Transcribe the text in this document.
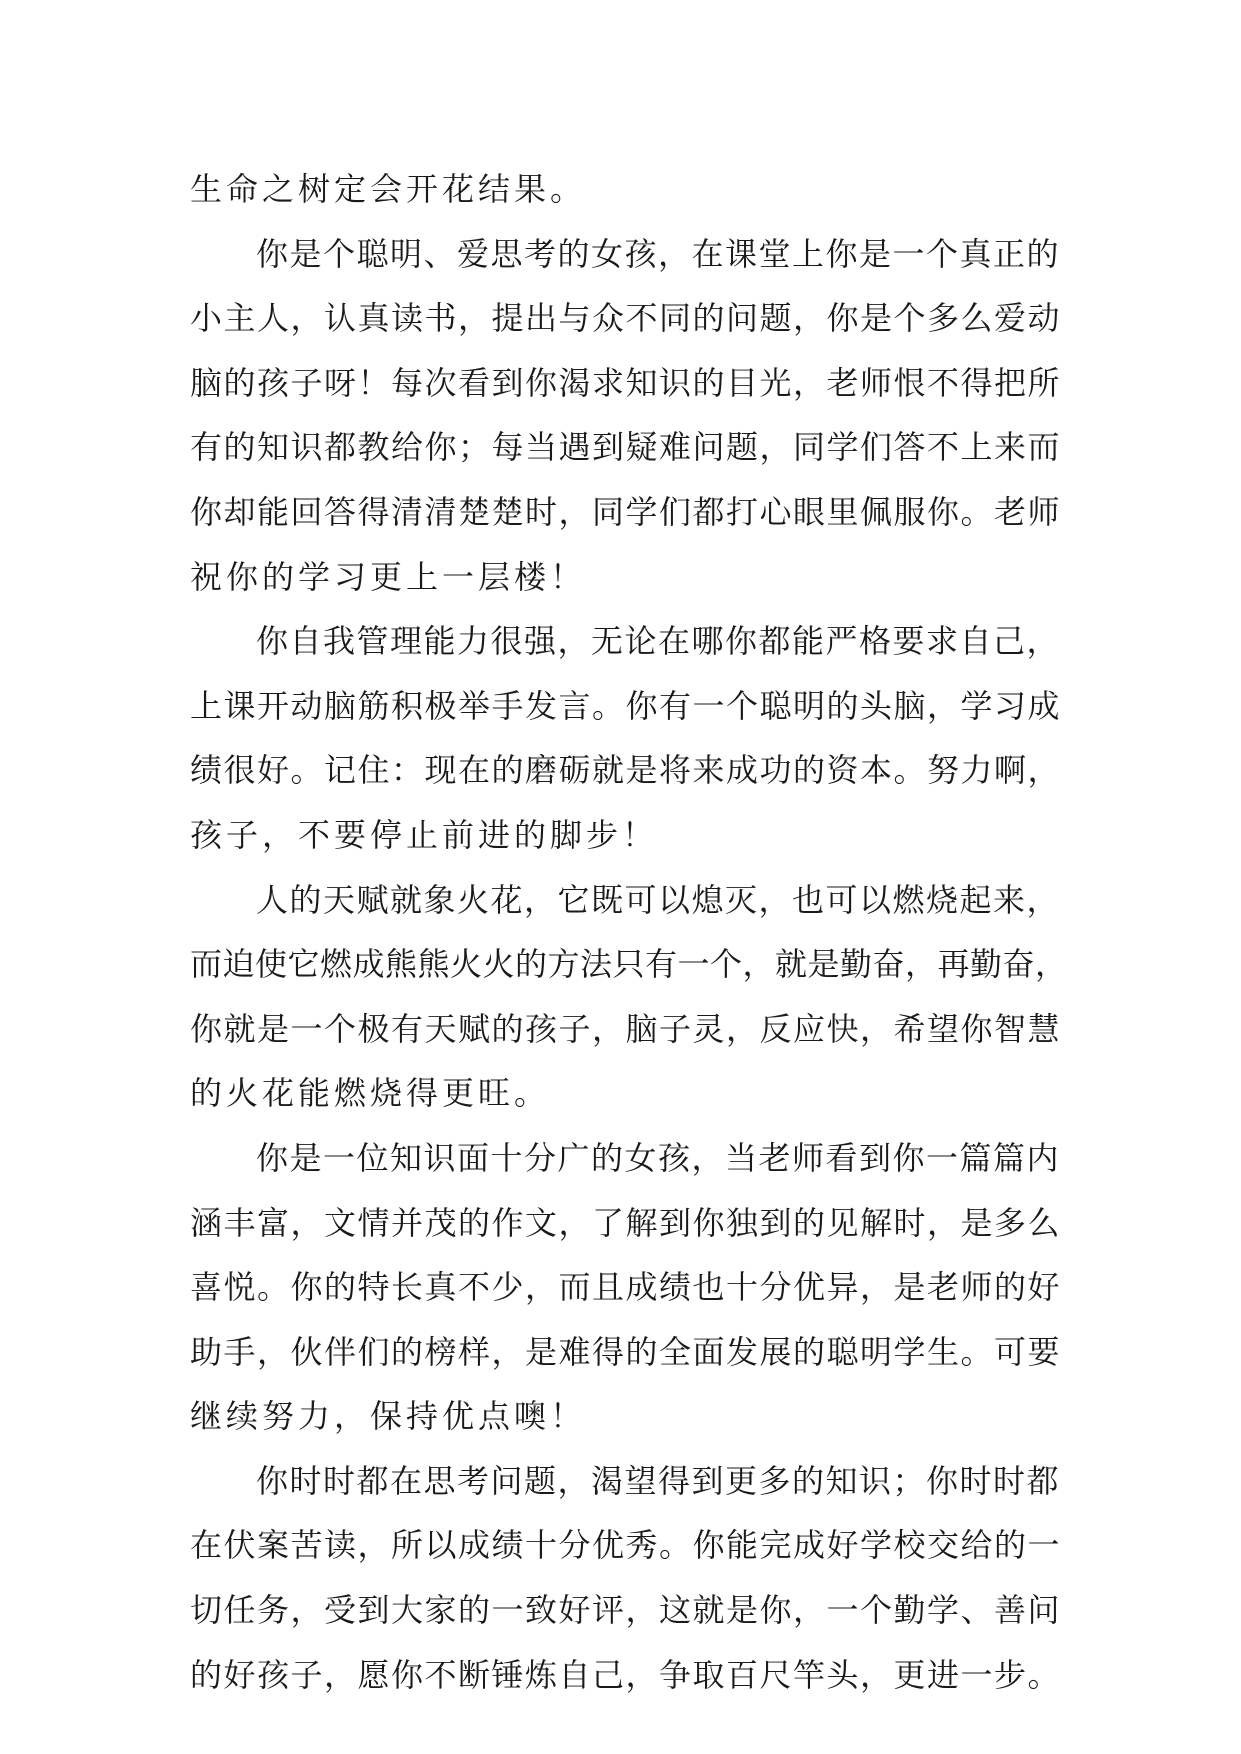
生命之树定会开花结果。
你是个聪明、爱思考的女孩，在课堂上你是一个真正的
小主人，认真读书，提出与众不同的问题，你是个多么爱动
脑的孩子呀！每次看到你渴求知识的目光，老师恨不得把所
有的知识都教给你；每当遇到疑难问题，同学们答不上来而
你却能回答得清清楚楚时，同学们都打心眼里佩服你。老师
祝你的学习更上一层楼！
你自我管理能力很强，无论在哪你都能严格要求自己，
上课开动脑筋积极举手发言。你有一个聪明的头脑，学习成
绩很好。记住：现在的磨砺就是将来成功的资本。努力啊，
孩子，不要停止前进的脚步！
人的天赋就象火花，它既可以熄灭，也可以燃烧起来，
而迫使它燃成熊熊火火的方法只有一个，就是勤奋，再勤奋，
你就是一个极有天赋的孩子，脑子灵，反应快，希望你智慧
的火花能燃烧得更旺。
你是一位知识面十分广的女孩，当老师看到你一篇篇内
涵丰富，文情并茂的作文，了解到你独到的见解时，是多么
喜悦。你的特长真不少，而且成绩也十分优异，是老师的好
助手，伙伴们的榜样，是难得的全面发展的聪明学生。可要
继续努力，保持优点噢！
你时时都在思考问题，渴望得到更多的知识；你时时都
在伏案苦读，所以成绩十分优秀。你能完成好学校交给的一
切任务，受到大家的一致好评，这就是你，一个勤学、善问
的好孩子，愿你不断锤炼自己，争取百尺竿头，更进一步。
